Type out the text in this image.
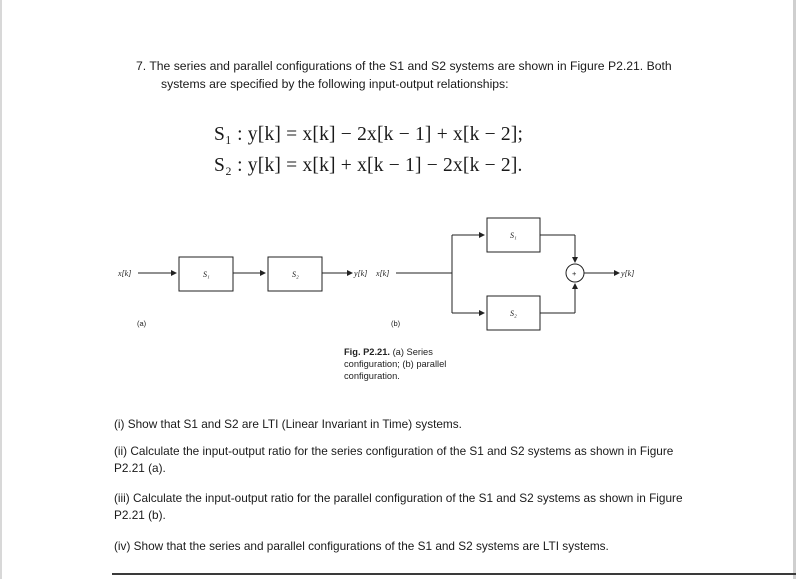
7. The series and parallel configurations of the S1 and S2 systems are shown in Figure P2.21. Both
systems are specified by the following input-output relationships:
S₁ : y[k] = x[k] − 2x[k − 1] + x[k − 2];
S₂ : y[k] = x[k] + x[k − 1] − 2x[k − 2].
x[k]	S₁	S₂	y[k]
(a)
x[k]
S₁
S₂
+	y[k]
(b)
Fig. P2.21. (a) Series
configuration; (b) parallel
configuration.
(i) Show that S1 and S2 are LTI (Linear Invariant in Time) systems.
(ii) Calculate the input-output ratio for the series configuration of the S1 and S2 systems as shown in Figure
P2.21 (a).
(iii) Calculate the input-output ratio for the parallel configuration of the S1 and S2 systems as shown in Figure
P2.21 (b).
(iv) Show that the series and parallel configurations of the S1 and S2 systems are LTI systems.
